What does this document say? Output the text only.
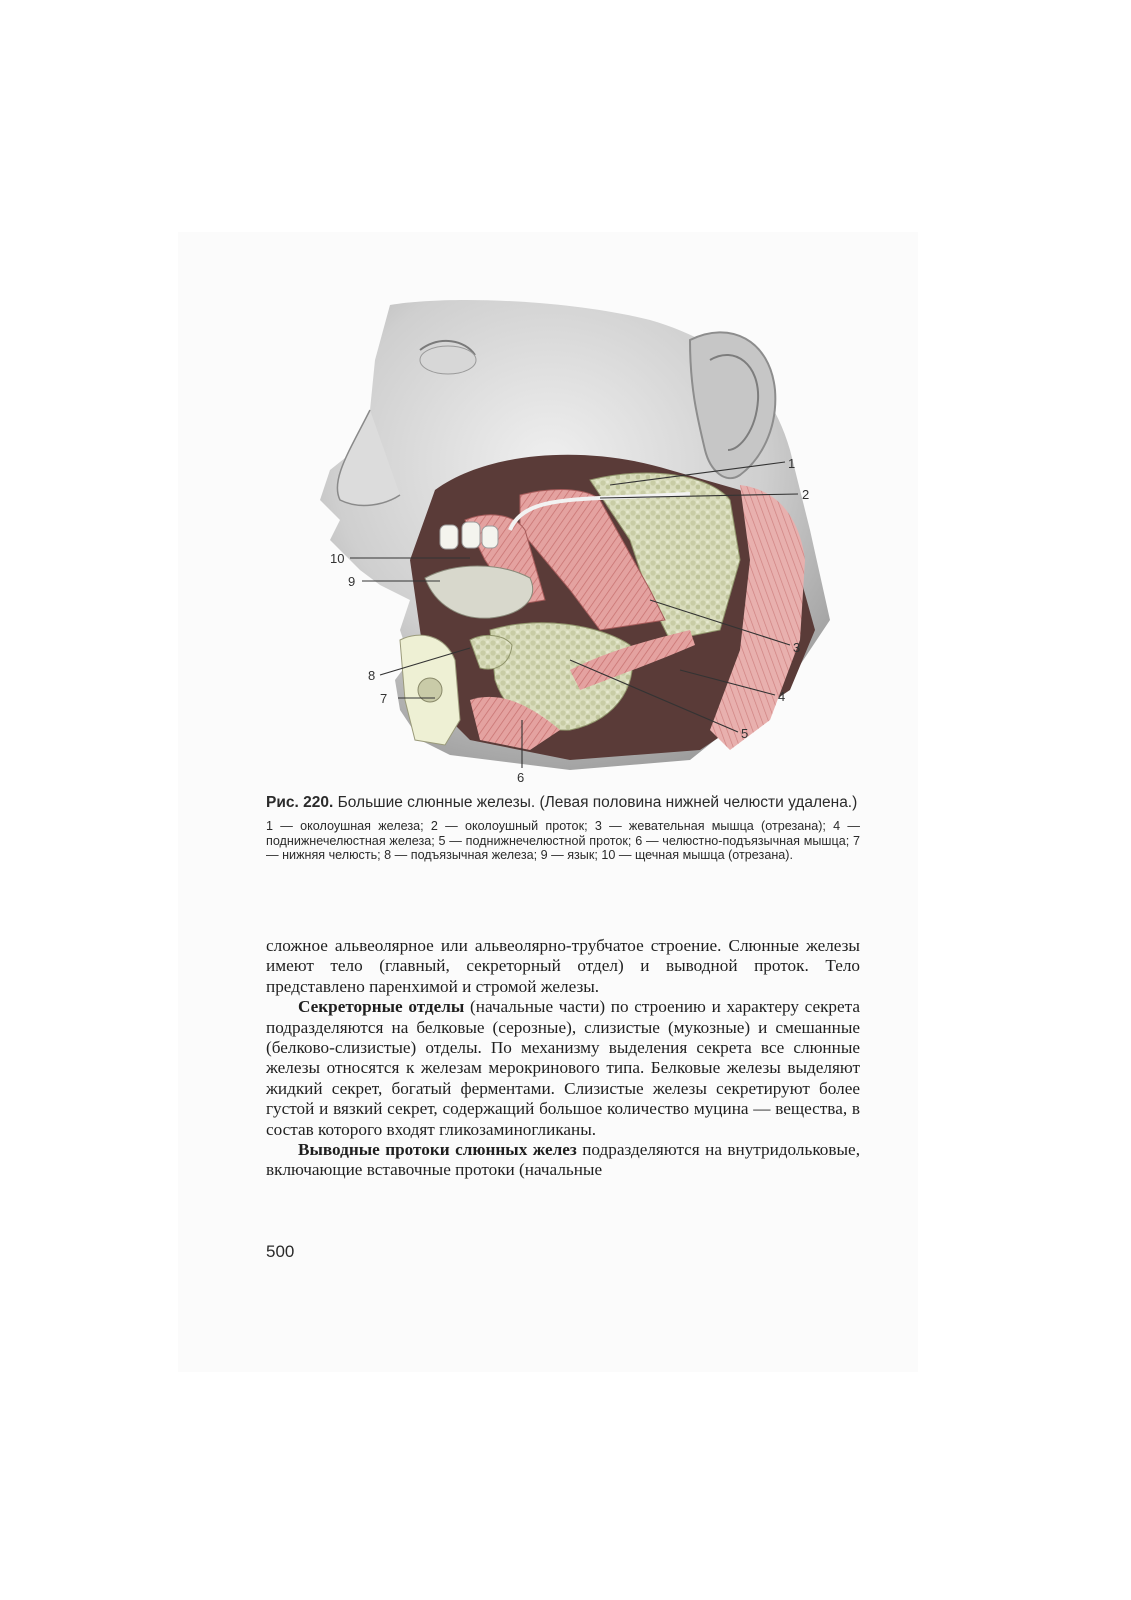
1
2
3
4
5
6
7
8
9
10

Рис. 220. Большие слюнные железы. (Левая половина нижней челюсти удалена.)

1 — околоушная железа; 2 — околоушный проток; 3 — жевательная мышца (отрезана); 4 — поднижнечелюстная железа; 5 — поднижнечелюстной проток; 6 — челюстно-подъязычная мышца; 7 — нижняя челюсть; 8 — подъязычная железа; 9 — язык; 10 — щечная мышца (отрезана).

сложное альвеолярное или альвеолярно-трубчатое строение. Слюнные железы имеют тело (главный, секреторный отдел) и выводной проток. Тело представлено паренхимой и стромой железы.

Секреторные отделы (начальные части) по строению и характеру секрета подразделяются на белковые (серозные), слизистые (мукозные) и смешанные (белково-слизистые) отделы. По механизму выделения секрета все слюнные железы относятся к железам мерокринового типа. Белковые железы выделяют жидкий секрет, богатый ферментами. Слизистые железы секретируют более густой и вязкий секрет, содержащий большое количество муцина — вещества, в состав которого входят гликозаминогликаны.

Выводные протоки слюнных желез подразделяются на внутридольковые, включающие вставочные протоки (начальные

500
